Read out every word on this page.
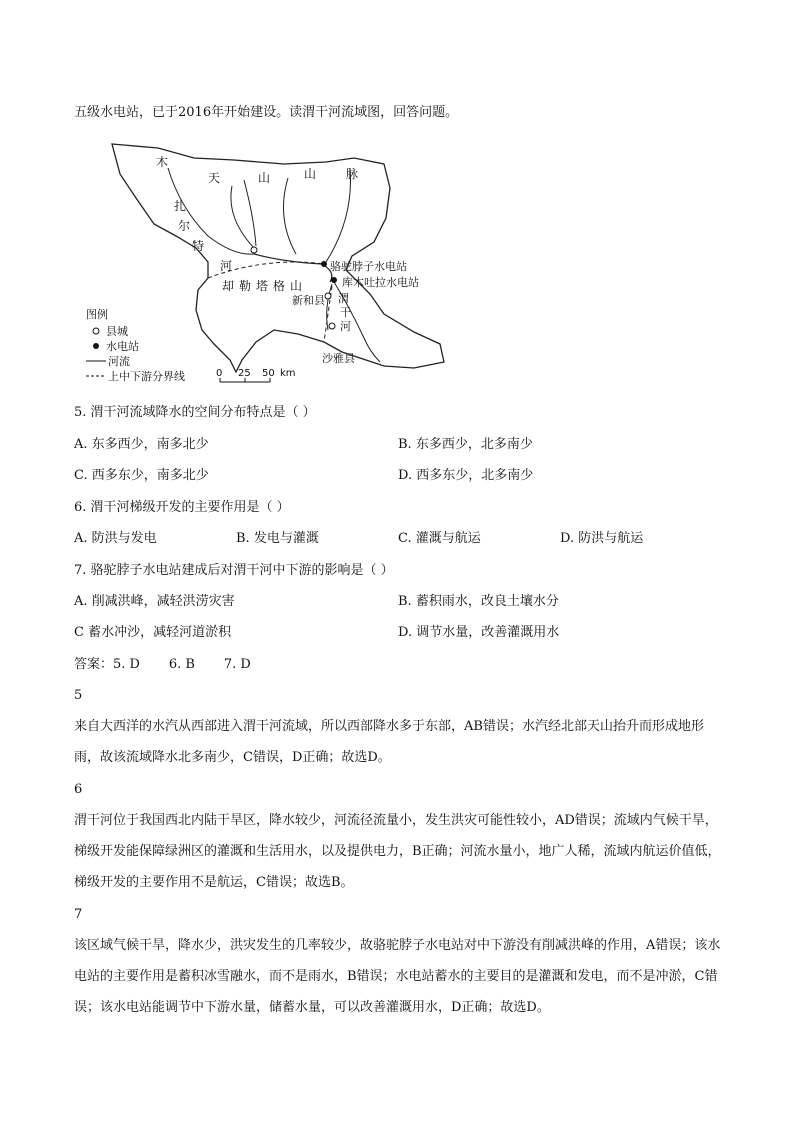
五级水电站，已于2016年开始建设。读渭干河流域图，回答问题。
木
天	山	山 脉
扎
尔
特
河
却勒塔格山
骆驼脖子水电站
库木吐拉水电站
新和县 渭
干
河
沙雅县
图例
县城
水电站
河流
上中下游分界线	0 25 50 km
5. 渭干河流域降水的空间分布特点是（ ）
A. 东多西少，南多北少	B. 东多西少，北多南少
C. 西多东少，南多北少	D. 西多东少，北多南少
6. 渭干河梯级开发的主要作用是（ ）
A. 防洪与发电	B. 发电与灌溉	C. 灌溉与航运	D. 防洪与航运
7. 骆驼脖子水电站建成后对渭干河中下游的影响是（ ）
A. 削减洪峰，减轻洪涝灾害	B. 蓄积雨水，改良土壤水分
C 蓄水冲沙，减轻河道淤积	D. 调节水量，改善灌溉用水
答案：5. D       6. B       7. D
5
来自大西洋的水汽从西部进入渭干河流域，所以西部降水多于东部，AB错误；水汽经北部天山抬升而形成地形雨，故该流域降水北多南少，C错误，D正确；故选D。
6
渭干河位于我国西北内陆干旱区，降水较少，河流径流量小，发生洪灾可能性较小，AD错误；流域内气候干旱，梯级开发能保障绿洲区的灌溉和生活用水，以及提供电力，B正确；河流水量小，地广人稀，流域内航运价值低，梯级开发的主要作用不是航运，C错误；故选B。
7
该区域气候干旱，降水少，洪灾发生的几率较少，故骆驼脖子水电站对中下游没有削减洪峰的作用，A错误；该水电站的主要作用是蓄积冰雪融水，而不是雨水，B错误；水电站蓄水的主要目的是灌溉和发电，而不是冲淤，C错误；该水电站能调节中下游水量，储蓄水量，可以改善灌溉用水，D正确；故选D。
